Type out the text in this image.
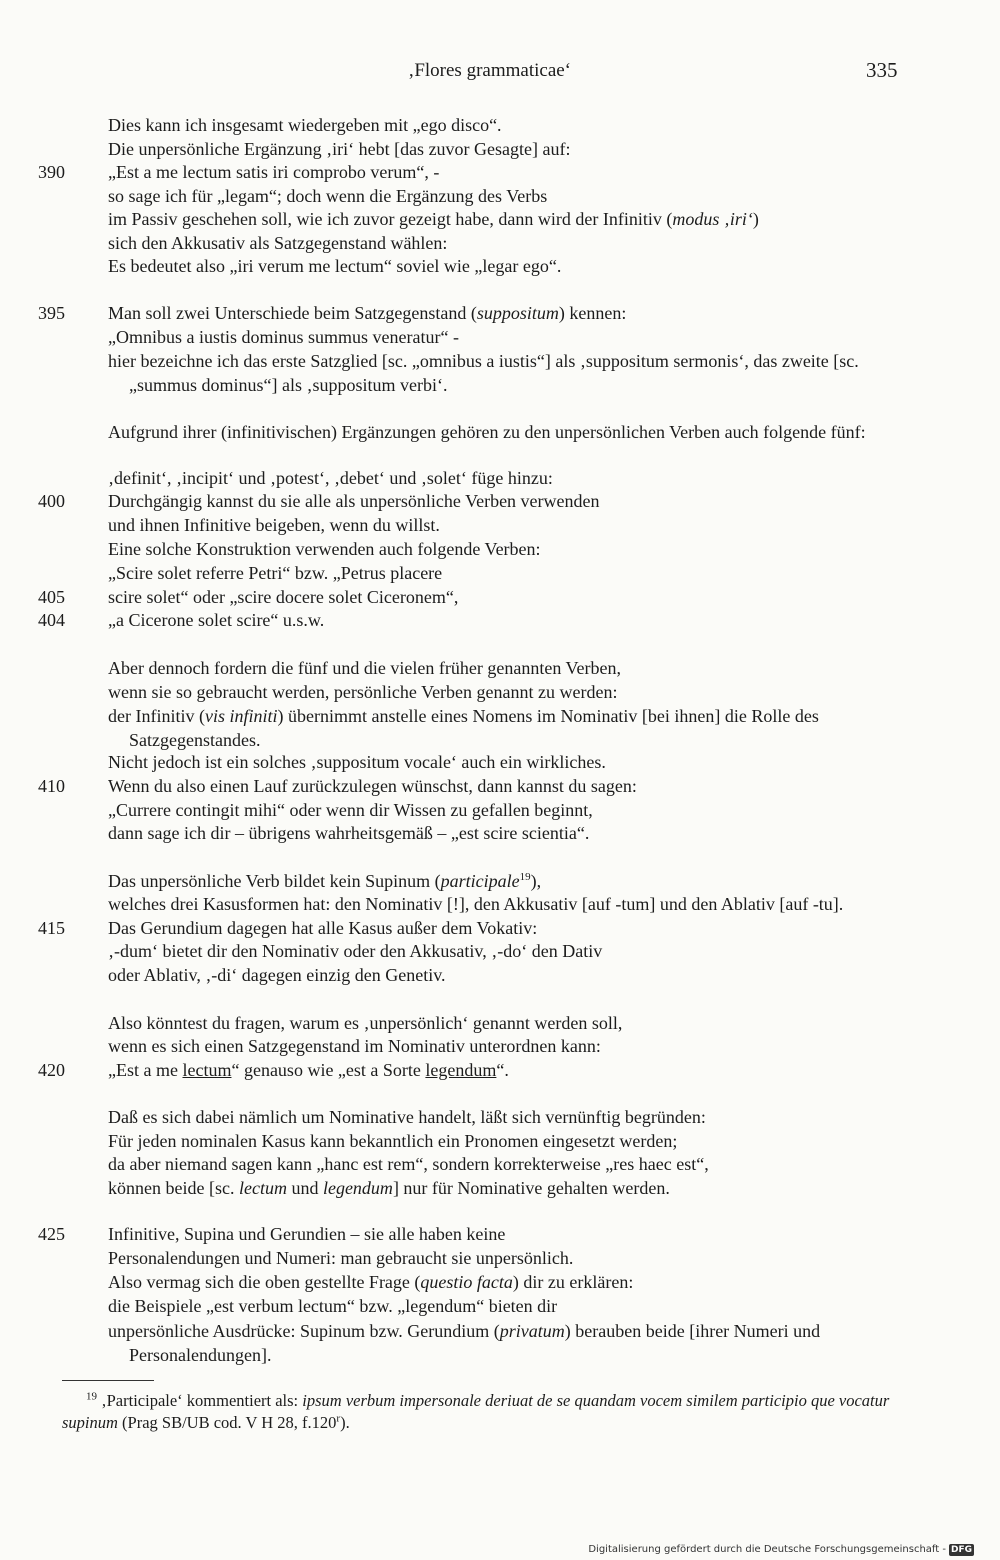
‚Flores grammaticae‘	335
390
395
400
405
404
410
415
420
425
Dies kann ich insgesamt wiedergeben mit „ego disco“.
Die unpersönliche Ergänzung ‚iri‘ hebt [das zuvor Gesagte] auf:
„Est a me lectum satis iri comprobo verum“, -
so sage ich für „legam“; doch wenn die Ergänzung des Verbs
im Passiv geschehen soll, wie ich zuvor gezeigt habe, dann wird der Infinitiv (modus ‚iri‘)
sich den Akkusativ als Satzgegenstand wählen:
Es bedeutet also „iri verum me lectum“ soviel wie „legar ego“.
Man soll zwei Unterschiede beim Satzgegenstand (suppositum) kennen:
„Omnibus a iustis dominus summus veneratur“ -
hier bezeichne ich das erste Satzglied [sc. „omnibus a iustis“] als ‚suppositum sermonis‘, das zweite [sc. „summus dominus“] als ‚suppositum verbi‘.
Aufgrund ihrer (infinitivischen) Ergänzungen gehören zu den unpersönlichen Verben auch folgende fünf:
‚definit‘, ‚incipit‘ und ‚potest‘, ‚debet‘ und ‚solet‘ füge hinzu:
Durchgängig kannst du sie alle als unpersönliche Verben verwenden
und ihnen Infinitive beigeben, wenn du willst.
Eine solche Konstruktion verwenden auch folgende Verben:
„Scire solet referre Petri“ bzw. „Petrus placere
scire solet“ oder „scire docere solet Ciceronem“,
„a Cicerone solet scire“ u.s.w.
Aber dennoch fordern die fünf und die vielen früher genannten Verben,
wenn sie so gebraucht werden, persönliche Verben genannt zu werden:
der Infinitiv (vis infiniti) übernimmt anstelle eines Nomens im Nominativ [bei ihnen] die Rolle des Satzgegenstandes.
Nicht jedoch ist ein solches ‚suppositum vocale‘ auch ein wirkliches.
Wenn du also einen Lauf zurückzulegen wünschst, dann kannst du sagen:
„Currere contingit mihi“ oder wenn dir Wissen zu gefallen beginnt,
dann sage ich dir – übrigens wahrheitsgemäß – „est scire scientia“.
Das unpersönliche Verb bildet kein Supinum (participale$^{19}$),
welches drei Kasusformen hat: den Nominativ [!], den Akkusativ [auf -tum] und den Ablativ [auf -tu].
Das Gerundium dagegen hat alle Kasus außer dem Vokativ:
‚-dum‘ bietet dir den Nominativ oder den Akkusativ, ‚-do‘ den Dativ
oder Ablativ, ‚-di‘ dagegen einzig den Genetiv.
Also könntest du fragen, warum es ‚unpersönlich‘ genannt werden soll,
wenn es sich einen Satzgegenstand im Nominativ unterordnen kann:
„Est a me lectum“ genauso wie „est a Sorte legendum“.
Daß es sich dabei nämlich um Nominative handelt, läßt sich vernünftig begründen:
Für jeden nominalen Kasus kann bekanntlich ein Pronomen eingesetzt werden;
da aber niemand sagen kann „hanc est rem“, sondern korrekterweise „res haec est“,
können beide [sc. lectum und legendum] nur für Nominative gehalten werden.
Infinitive, Supina und Gerundien – sie alle haben keine
Personalendungen und Numeri: man gebraucht sie unpersönlich.
Also vermag sich die oben gestellte Frage (questio facta) dir zu erklären:
die Beispiele „est verbum lectum“ bzw. „legendum“ bieten dir
unpersönliche Ausdrücke: Supinum bzw. Gerundium (privatum) berauben beide [ihrer Numeri und Personalendungen].
$^{19}$ ‚Participale‘ kommentiert als: ipsum verbum impersonale deriuat de se quandam vocem similem participio que vocatur supinum (Prag SB/UB cod. V H 28, f.120$^r$).
Digitalisierung gefördert durch die Deutsche Forschungsgemeinschaft - DFG
